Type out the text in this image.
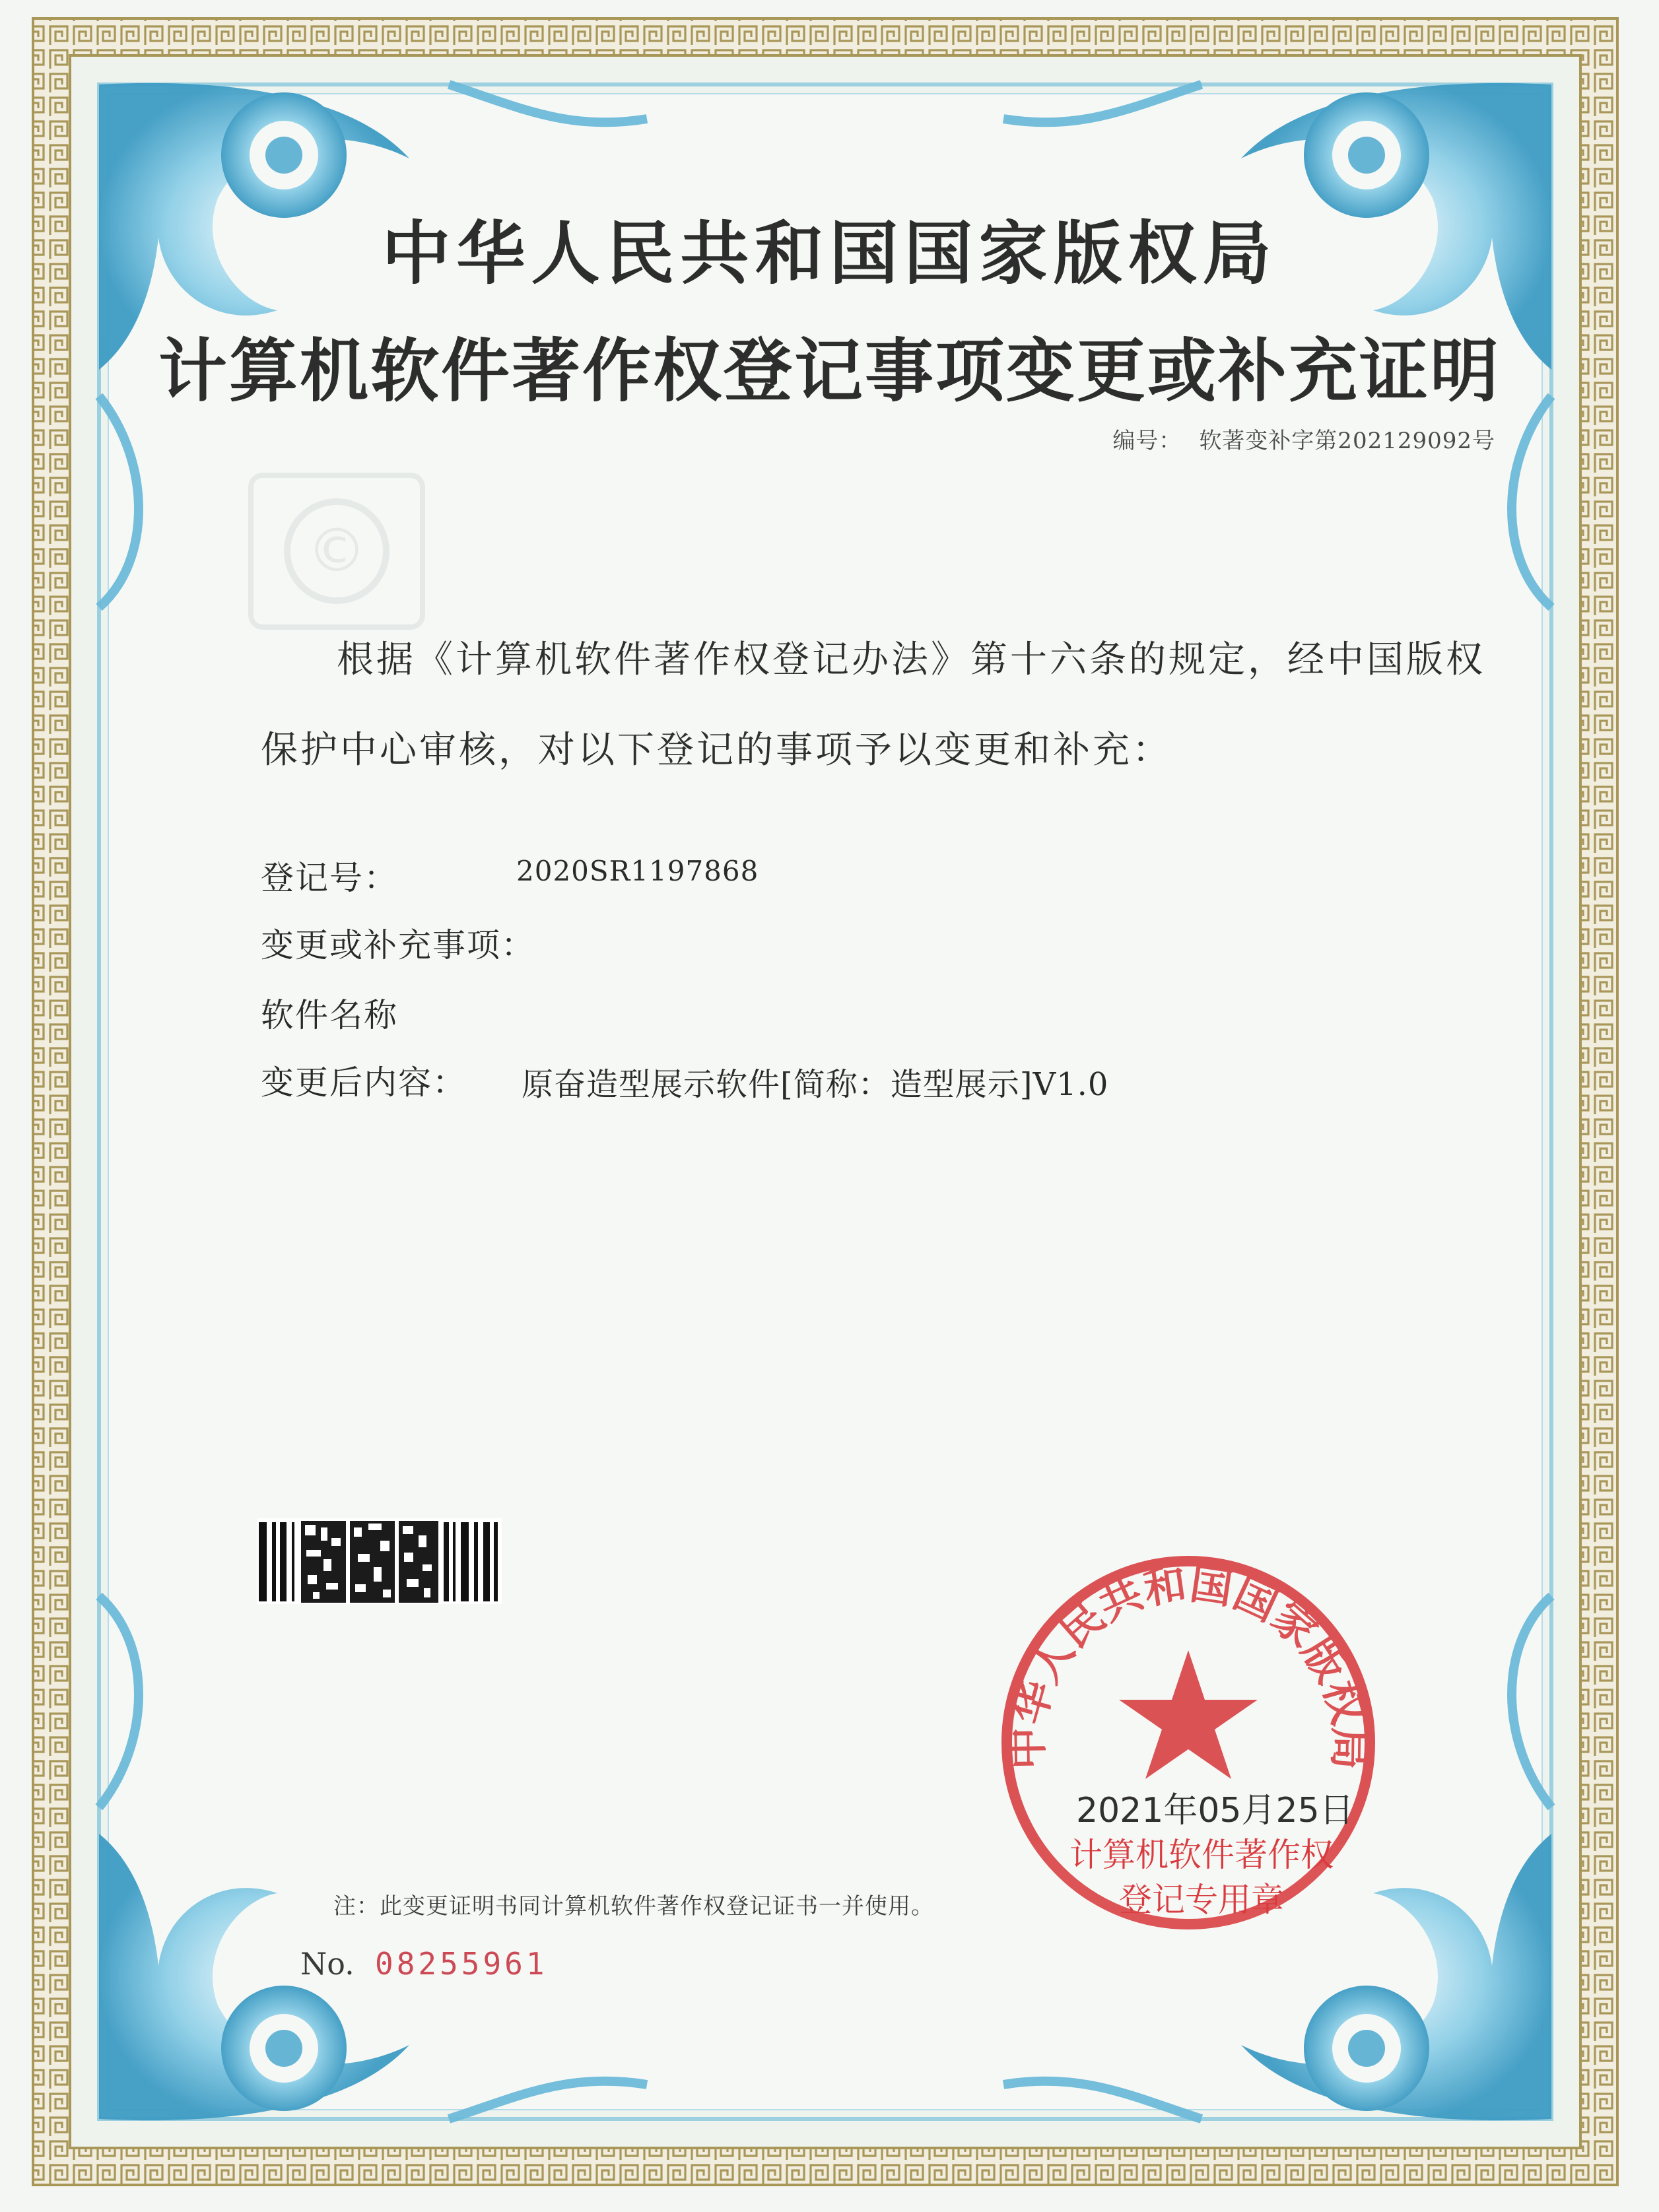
©
中华人民共和国国家版权局
中华人民共和国国家版权局
计算机软件著作权登记事项变更或补充证明
编号： 软著变补字第202129092号
根据《计算机软件著作权登记办法》第十六条的规定，经中国版权
保护中心审核，对以下登记的事项予以变更和补充：
登记号：	2020SR1197868
变更或补充事项：
软件名称
变更后内容： 原奋造型展示软件[简称：造型展示]V1.0
2021年05月25日
计算机软件著作权
登记专用章
注：此变更证明书同计算机软件著作权登记证书一并使用。
No. 08255961
